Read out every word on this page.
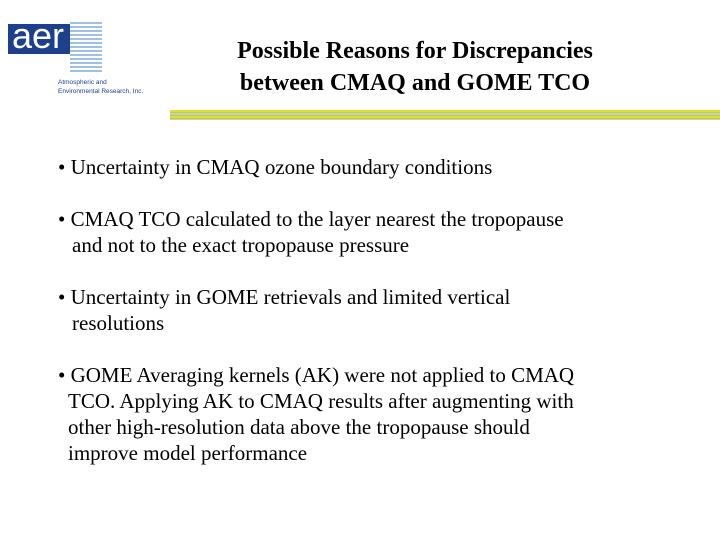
aer
Atmospheric and
Environmental Research, Inc.
Possible Reasons for Discrepancies
between CMAQ and GOME TCO
• Uncertainty in CMAQ ozone boundary conditions
• CMAQ TCO calculated to the layer nearest the tropopause
and not to the exact tropopause pressure
• Uncertainty in GOME retrievals and limited vertical
resolutions
• GOME Averaging kernels (AK) were not applied to CMAQ
TCO. Applying AK to CMAQ results after augmenting with
other high-resolution data above the tropopause should
improve model performance
